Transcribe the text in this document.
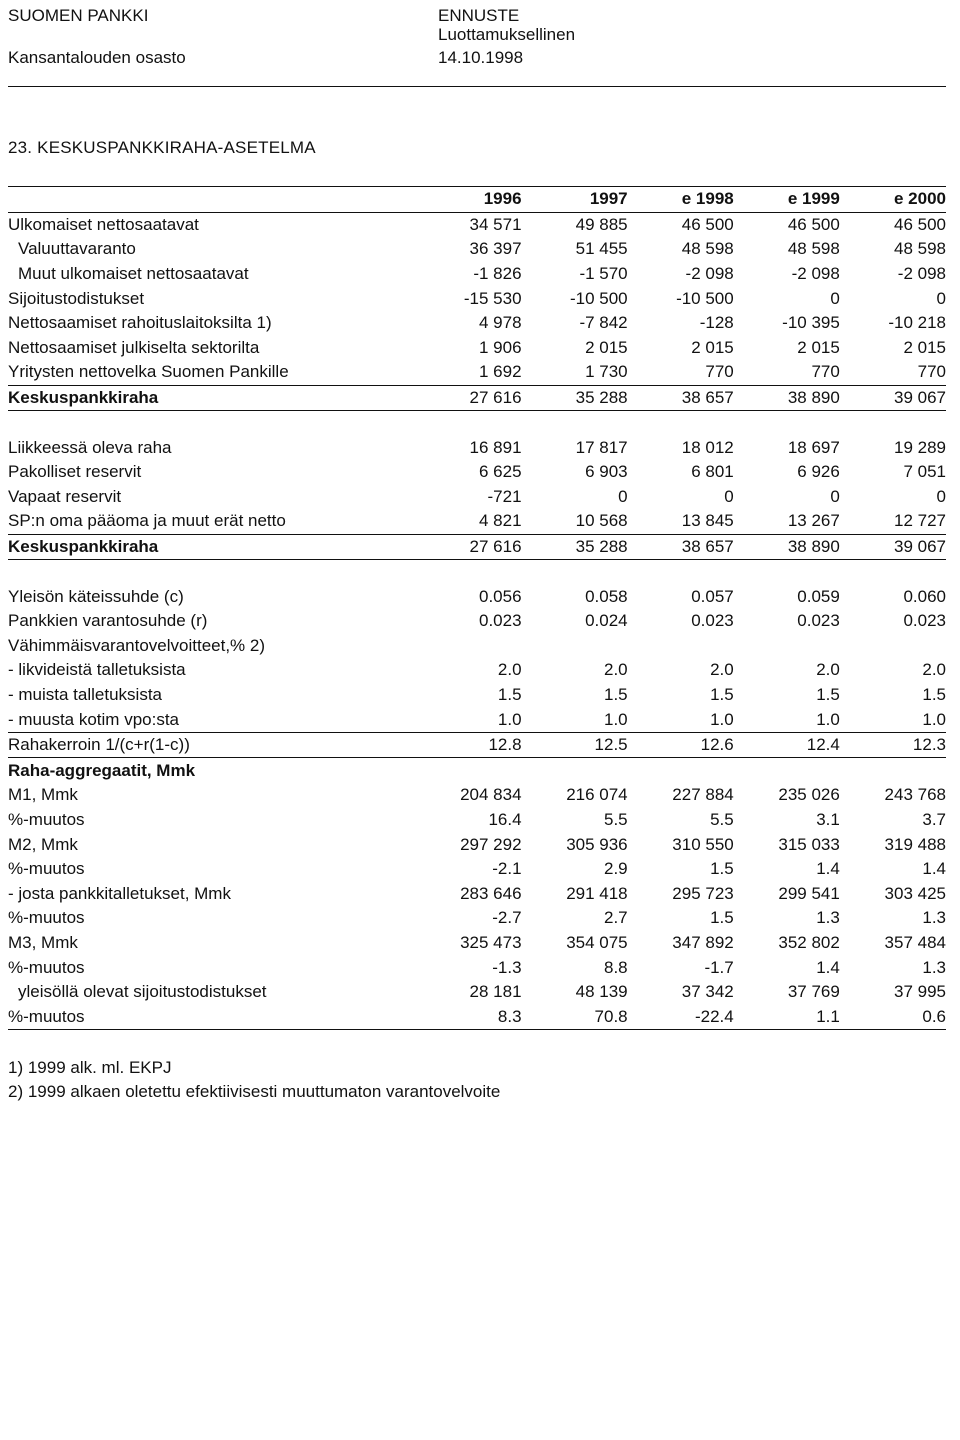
SUOMEN PANKKI
Kansantalouden osasto
ENNUSTE
Luottamuksellinen
14.10.1998
23. KESKUSPANKKIRAHA-ASETELMA
	1996	1997	e 1998	e 1999	e 2000
Ulkomaiset nettosaatavat	34 571	49 885	46 500	46 500	46 500
Valuuttavaranto	36 397	51 455	48 598	48 598	48 598
Muut ulkomaiset nettosaatavat	-1 826	-1 570	-2 098	-2 098	-2 098
Sijoitustodistukset	-15 530	-10 500	-10 500	0	0
Nettosaamiset rahoituslaitoksilta 1)	4 978	-7 842	-128	-10 395	-10 218
Nettosaamiset julkiselta sektorilta	1 906	2 015	2 015	2 015	2 015
Yritysten nettovelka Suomen Pankille	1 692	1 730	770	770	770
Keskuspankkiraha	27 616	35 288	38 657	38 890	39 067

Liikkeessä oleva raha	16 891	17 817	18 012	18 697	19 289
Pakolliset reservit	6 625	6 903	6 801	6 926	7 051
Vapaat reservit	-721	0	0	0	0
SP:n oma pääoma ja muut erät netto	4 821	10 568	13 845	13 267	12 727
Keskuspankkiraha	27 616	35 288	38 657	38 890	39 067

Yleisön käteissuhde (c)	0.056	0.058	0.057	0.059	0.060
Pankkien varantosuhde (r)	0.023	0.024	0.023	0.023	0.023
Vähimmäisvarantovelvoitteet,% 2)					
- likvideistä talletuksista	2.0	2.0	2.0	2.0	2.0
- muista talletuksista	1.5	1.5	1.5	1.5	1.5
- muusta kotim vpo:sta	1.0	1.0	1.0	1.0	1.0
Rahakerroin 1/(c+r(1-c))	12.8	12.5	12.6	12.4	12.3
Raha-aggregaatit, Mmk					
M1, Mmk	204 834	216 074	227 884	235 026	243 768
%-muutos	16.4	5.5	5.5	3.1	3.7
M2, Mmk	297 292	305 936	310 550	315 033	319 488
%-muutos	-2.1	2.9	1.5	1.4	1.4
- josta pankkitalletukset, Mmk	283 646	291 418	295 723	299 541	303 425
%-muutos	-2.7	2.7	1.5	1.3	1.3
M3, Mmk	325 473	354 075	347 892	352 802	357 484
%-muutos	-1.3	8.8	-1.7	1.4	1.3
yleisöllä olevat sijoitustodistukset	28 181	48 139	37 342	37 769	37 995
%-muutos	8.3	70.8	-22.4	1.1	0.6
1) 1999 alk. ml. EKPJ
2) 1999 alkaen oletettu efektiivisesti muuttumaton varantovelvoite
